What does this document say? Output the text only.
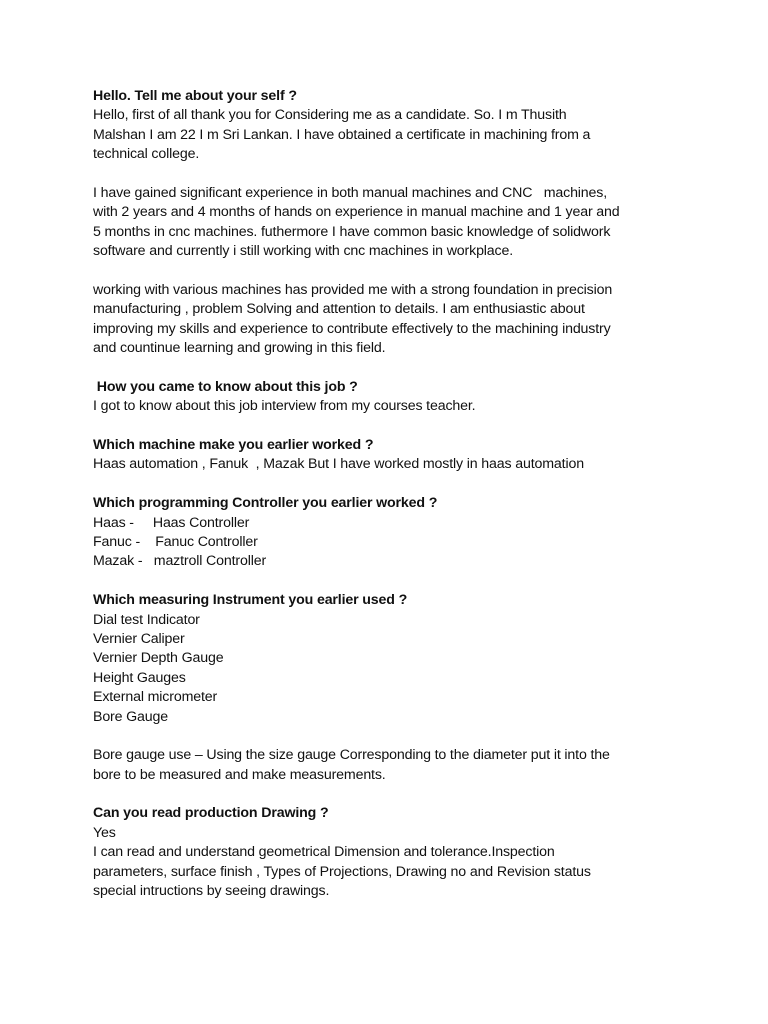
Hello. Tell me about your self ?
Hello, first of all thank you for Considering me as a candidate. So. I m Thusith
Malshan I am 22 I m Sri Lankan. I have obtained a certificate in machining from a
technical college.
I have gained significant experience in both manual machines and CNC   machines,
with 2 years and 4 months of hands on experience in manual machine and 1 year and
5 months in cnc machines. futhermore I have common basic knowledge of solidwork
software and currently i still working with cnc machines in workplace.
working with various machines has provided me with a strong foundation in precision
manufacturing , problem Solving and attention to details. I am enthusiastic about
improving my skills and experience to contribute effectively to the machining industry
and countinue learning and growing in this field.
How you came to know about this job ?
I got to know about this job interview from my courses teacher.
Which machine make you earlier worked ?
Haas automation , Fanuk  , Mazak But I have worked mostly in haas automation
Which programming Controller you earlier worked ?
Haas -     Haas Controller
Fanuc -    Fanuc Controller
Mazak -   maztroll Controller
Which measuring Instrument you earlier used ?
Dial test Indicator
Vernier Caliper
Vernier Depth Gauge
Height Gauges
External micrometer
Bore Gauge
Bore gauge use – Using the size gauge Corresponding to the diameter put it into the
bore to be measured and make measurements.
Can you read production Drawing ?
Yes
I can read and understand geometrical Dimension and tolerance.Inspection
parameters, surface finish , Types of Projections, Drawing no and Revision status
special intructions by seeing drawings.
